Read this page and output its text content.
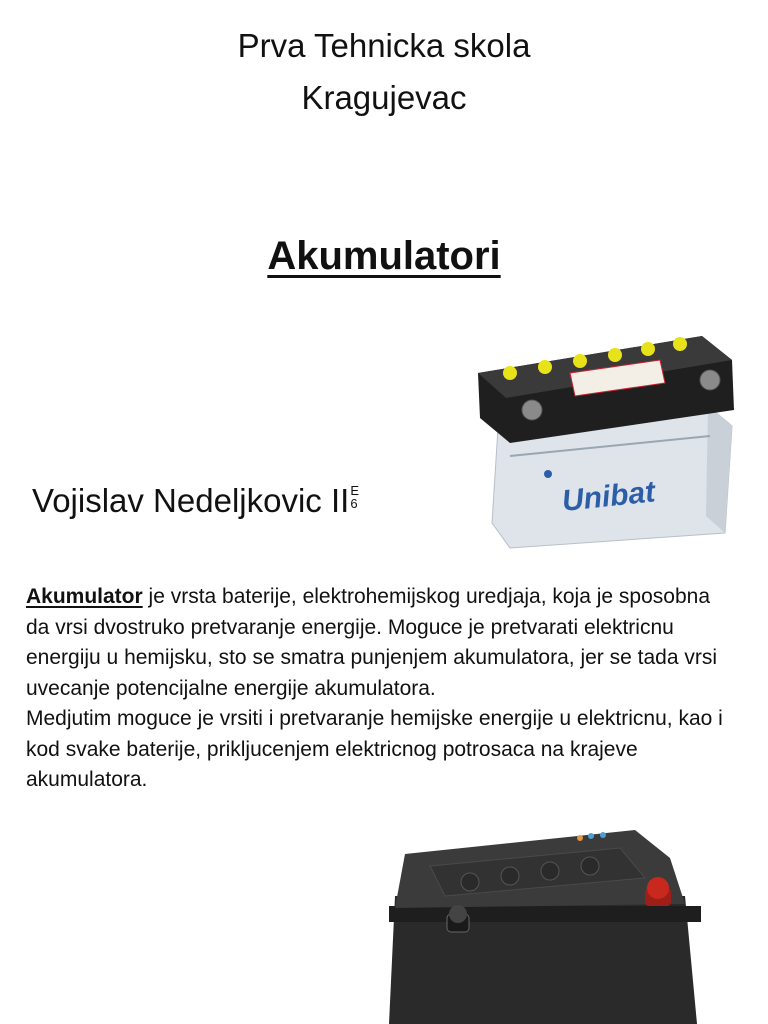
Prva Tehnicka skola
Kragujevac
Akumulatori
Vojislav Nedeljkovic II E
6	Unibat

Akumulator je vrsta baterije, elektrohemijskog uredjaja, koja je sposobna da vrsi dvostruko pretvaranje energije. Moguce je pretvarati elektricnu energiju u hemijsku, sto se smatra punjenjem akumulatora, jer se tada vrsi uvecanje potencijalne energije akumulatora.

Medjutim moguce je vrsiti i pretvaranje hemijske energije u elektricnu, kao i kod svake baterije, prikljucenjem elektricnog potrosaca na krajeve akumulatora.
